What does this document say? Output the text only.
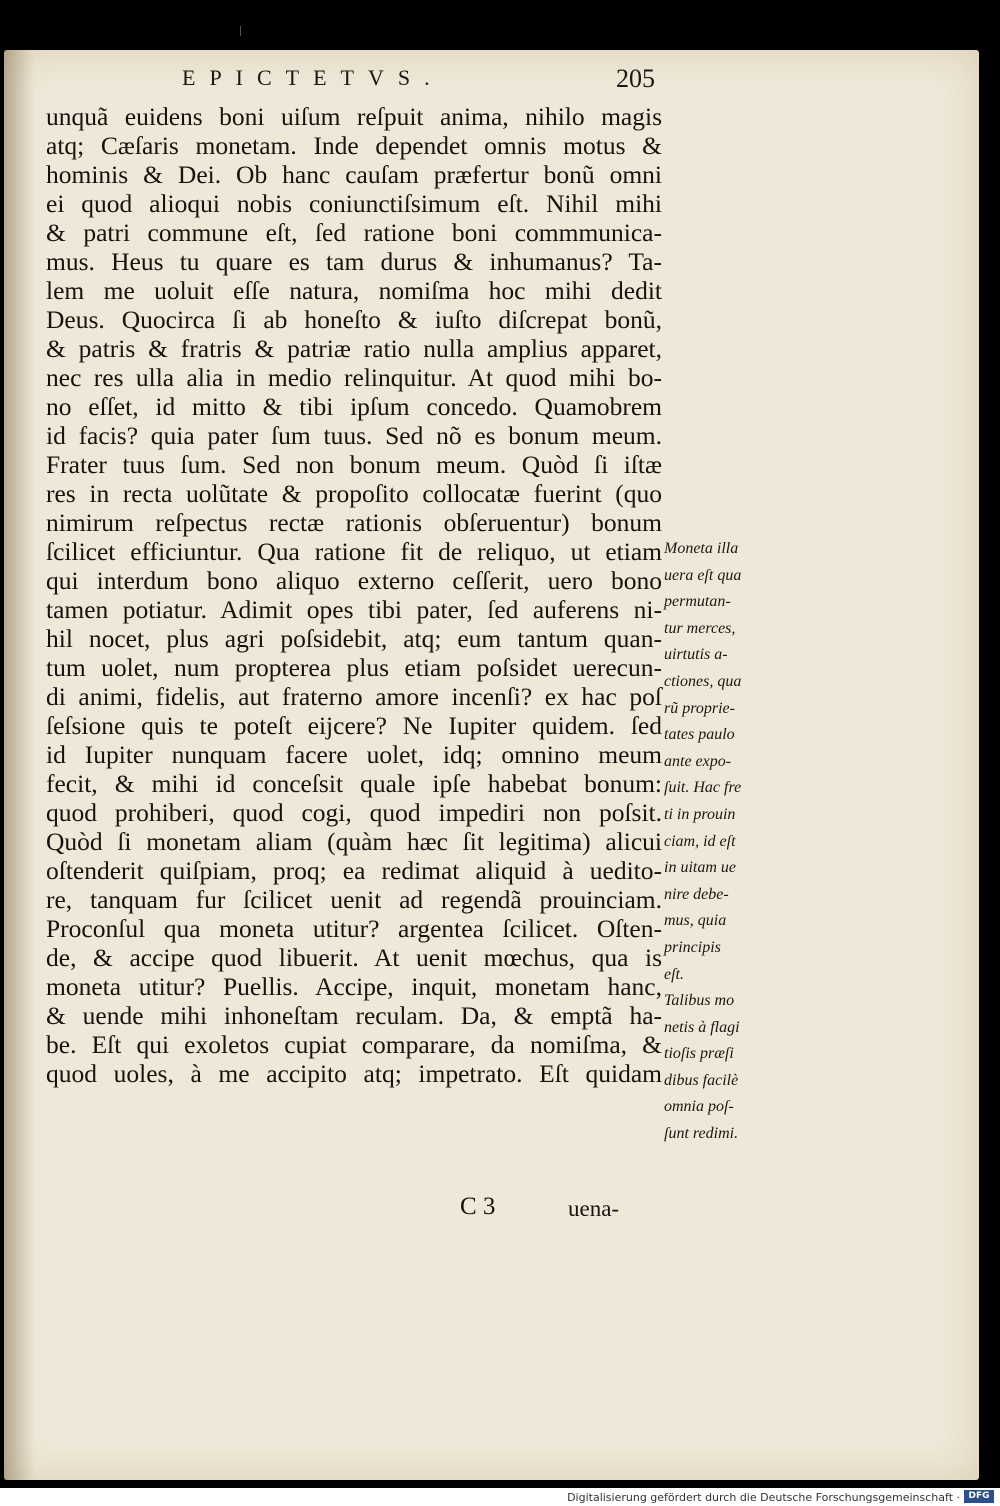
EPICTETVS.	205
unquã euidens boni uiſum reſpuit anima, nihilo magis
atq; Cæſaris monetam. Inde dependet omnis motus &
hominis & Dei. Ob hanc cauſam præfertur bonũ omni
ei quod alioqui nobis coniunctiſsimum eſt. Nihil mihi
& patri commune eſt, ſed ratione boni commmunica-
mus. Heus tu quare es tam durus & inhumanus? Ta-
lem me uoluit eſſe natura, nomiſma hoc mihi dedit
Deus. Quocirca ſi ab honeſto & iuſto diſcrepat bonũ,
& patris & fratris & patriæ ratio nulla amplius apparet,
nec res ulla alia in medio relinquitur. At quod mihi bo-
no eſſet, id mitto & tibi ipſum concedo. Quamobrem
id facis? quia pater ſum tuus. Sed nõ es bonum meum.
Frater tuus ſum. Sed non bonum meum. Quòd ſi iſtæ
res in recta uolũtate & propoſito collocatæ fuerint (quo
nimirum reſpectus rectæ rationis obſeruentur) bonum
ſcilicet efficiuntur. Qua ratione fit de reliquo, ut etiam
qui interdum bono aliquo externo ceſſerit, uero bono
tamen potiatur. Adimit opes tibi pater, ſed auferens ni-
hil nocet, plus agri poſsidebit, atq; eum tantum quan-
tum uolet, num propterea plus etiam poſsidet uerecun-
di animi, fidelis, aut fraterno amore incenſi? ex hac poſ
ſeſsione quis te poteſt eijcere? Ne Iupiter quidem. ſed
id Iupiter nunquam facere uolet, idq; omnino meum
fecit, & mihi id conceſsit quale ipſe habebat bonum:
quod prohiberi, quod cogi, quod impediri non poſsit.
Quòd ſi monetam aliam (quàm hæc ſit legitima) alicui
oſtenderit quiſpiam, proq; ea redimat aliquid à uedito-
re, tanquam fur ſcilicet uenit ad regendã prouinciam.
Proconſul qua moneta utitur? argentea ſcilicet. Oſten-
de, & accipe quod libuerit. At uenit mœchus, qua is
moneta utitur? Puellis. Accipe, inquit, monetam hanc,
& uende mihi inhoneſtam reculam. Da, & emptã ha-
be. Eſt qui exoletos cupiat comparare, da nomiſma, &
quod uoles, à me accipito atq; impetrato. Eſt quidam
Moneta illa
uera eſt qua
permutan-
tur merces,
uirtutis a-
ctiones, qua
rũ proprie-
tates paulo
ante expo-
ſuit. Hac fre
ti in prouin
ciam, id eſt
in uitam ue
nire debe-
mus, quia
principis
eſt.
Talibus mo
netis à flagi
tioſis præſi
dibus facilè
omnia poſ-
ſunt redimi.
C 3	uena-
Digitalisierung gefördert durch die Deutsche Forschungsgemeinschaft · DFG
